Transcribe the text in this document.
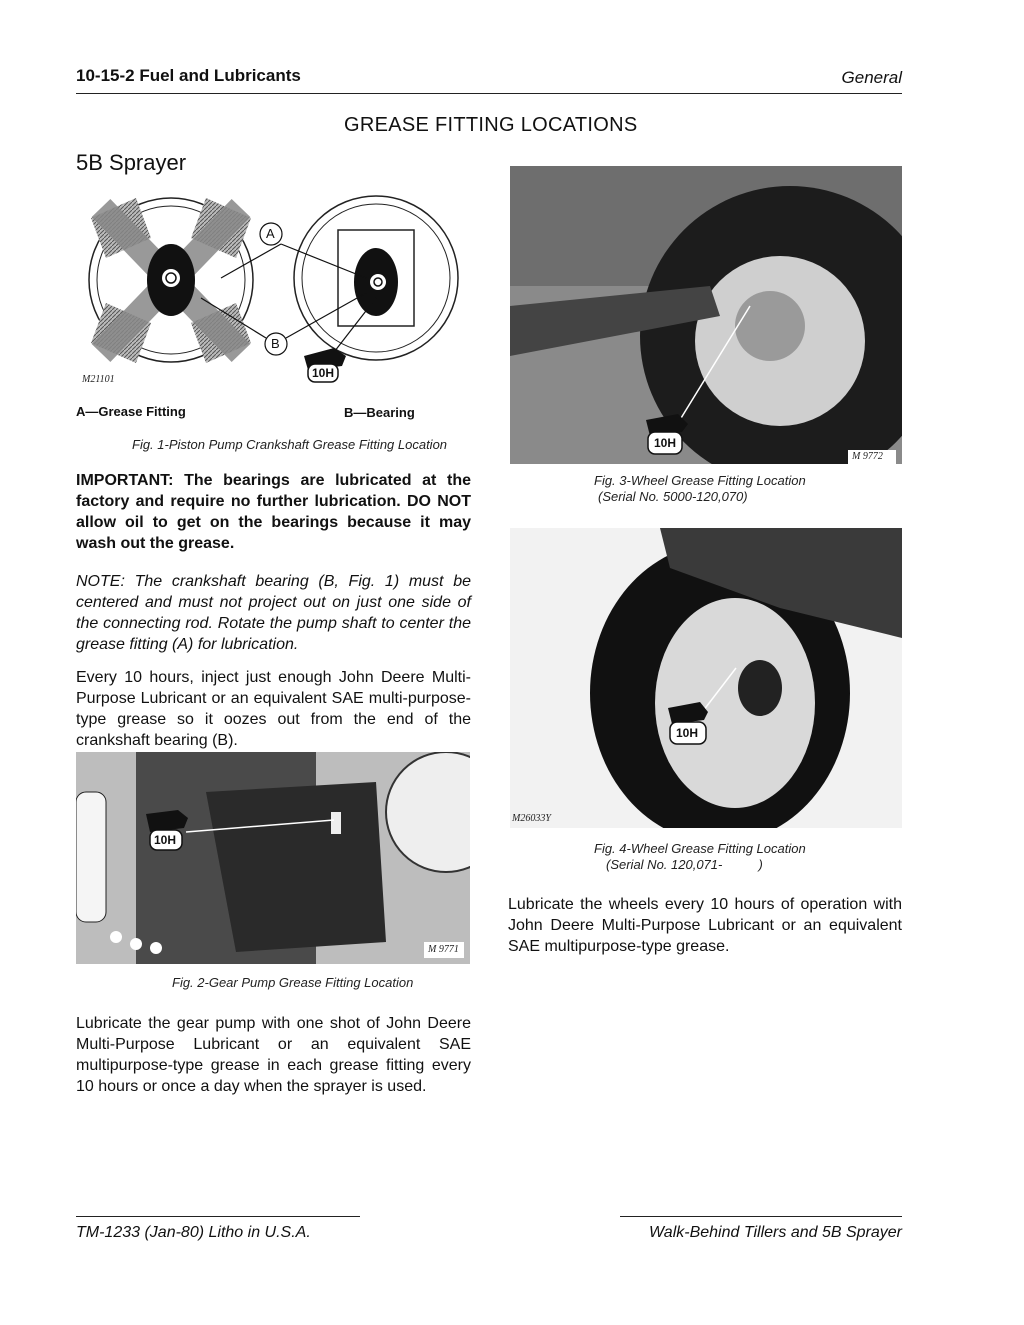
10-15-2 Fuel and Lubricants	General
GREASE FITTING LOCATIONS
5B Sprayer
A
B
10H
M21101
A—Grease Fitting	B—Bearing
Fig. 1-Piston Pump Crankshaft Grease Fitting Location
IMPORTANT: The bearings are lubricated at the factory and require no further lubrication. DO NOT allow oil to get on the bearings because it may wash out the grease.
NOTE: The crankshaft bearing (B, Fig. 1) must be centered and must not project out on just one side of the connecting rod. Rotate the pump shaft to center the grease fitting (A) for lubrication.
Every 10 hours, inject just enough John Deere Multi-Purpose Lubricant or an equivalent SAE multi-purpose-type grease so it oozes out from the end of the crankshaft bearing (B).
10H
M 9771
Fig. 2-Gear Pump Grease Fitting Location
Lubricate the gear pump with one shot of John Deere Multi-Purpose Lubricant or an equivalent SAE multipurpose-type grease in each grease fitting every 10 hours or once a day when the sprayer is used.
10H
M 9772
Fig. 3-Wheel Grease Fitting Location
(Serial No. 5000-120,070)
10H
M26033Y
Fig. 4-Wheel Grease Fitting Location
(Serial No. 120,071-          )
Lubricate the wheels every 10 hours of operation with John Deere Multi-Purpose Lubricant or an equivalent SAE multipurpose-type grease.
TM-1233 (Jan-80) Litho in U.S.A.	Walk-Behind Tillers and 5B Sprayer
